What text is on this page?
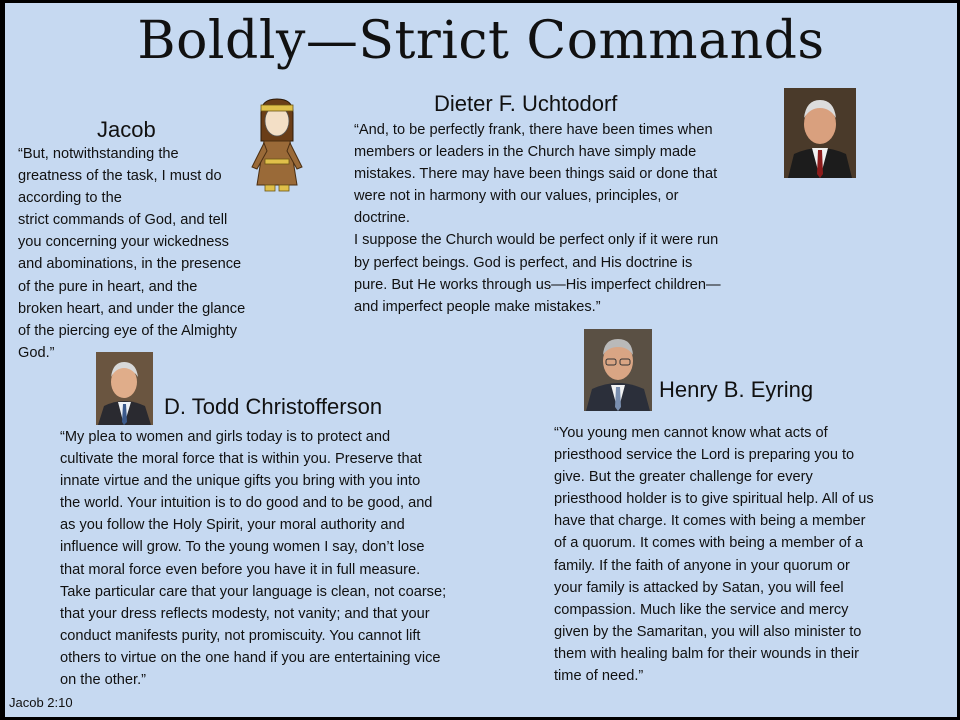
Boldly—Strict Commands
Jacob
“But, notwithstanding the
greatness of the task, I must do
according to the
strict commands of God, and tell
you concerning your wickedness
and abominations, in the presence
of the pure in heart, and the
broken heart, and under the glance
of the piercing eye of the Almighty
God.”
Dieter F. Uchtodorf
“And, to be perfectly frank, there have been times when
members or leaders in the Church have simply made
mistakes. There may have been things said or done that
were not in harmony with our values, principles, or
doctrine.
I suppose the Church would be perfect only if it were run
by perfect beings. God is perfect, and His doctrine is
pure. But He works through us—His imperfect children—
and imperfect people make mistakes.”
D. Todd Christofferson
“My plea to women and girls today is to protect and
cultivate the moral force that is within you. Preserve that
innate virtue and the unique gifts you bring with you into
the world. Your intuition is to do good and to be good, and
as you follow the Holy Spirit, your moral authority and
influence will grow. To the young women I say, don’t lose
that moral force even before you have it in full measure.
Take particular care that your language is clean, not coarse;
that your dress reflects modesty, not vanity; and that your
conduct manifests purity, not promiscuity. You cannot lift
others to virtue on the one hand if you are entertaining vice
on the other.”
Henry B. Eyring
“You young men cannot know what acts of
priesthood service the Lord is preparing you to
give. But the greater challenge for every
priesthood holder is to give spiritual help. All of us
have that charge. It comes with being a member
of a quorum. It comes with being a member of a
family. If the faith of anyone in your quorum or
your family is attacked by Satan, you will feel
compassion. Much like the service and mercy
given by the Samaritan, you will also minister to
them with healing balm for their wounds in their
time of need.”
Jacob 2:10
